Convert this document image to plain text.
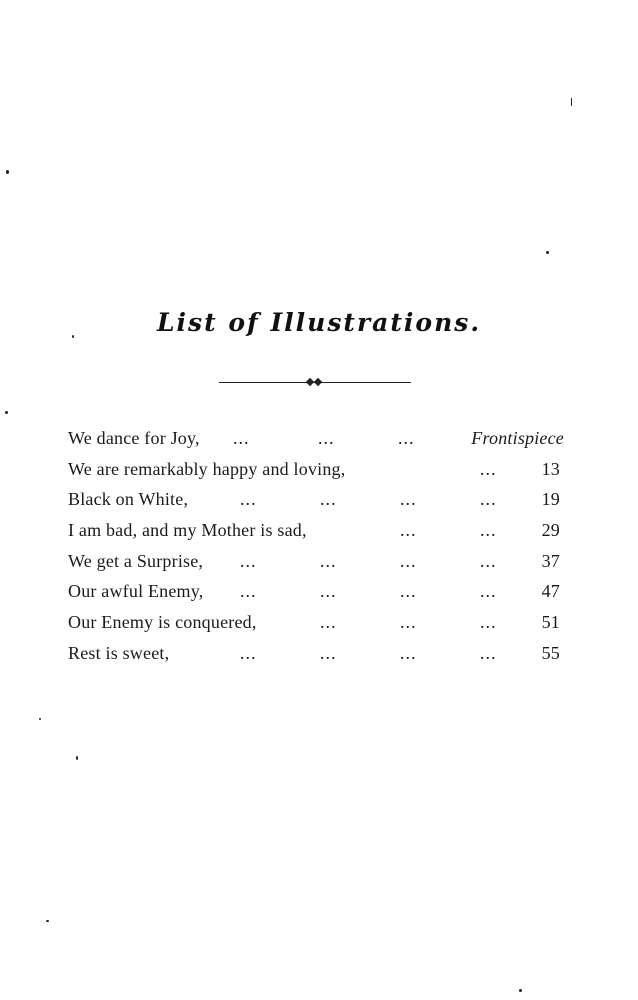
List of Illustrations.
We dance for Joy, ...	...	...	Frontispiece
We are remarkably happy and loving,	...	13
Black on White,	...	...	...	...	19
I am bad, and my Mother is sad,	...	...	29
We get a Surprise, ...	...	...	...	37
Our awful Enemy, ...	...	...	...	47
Our Enemy is conquered,	...	...	...	51
Rest is sweet,	...	...	...	...	55
